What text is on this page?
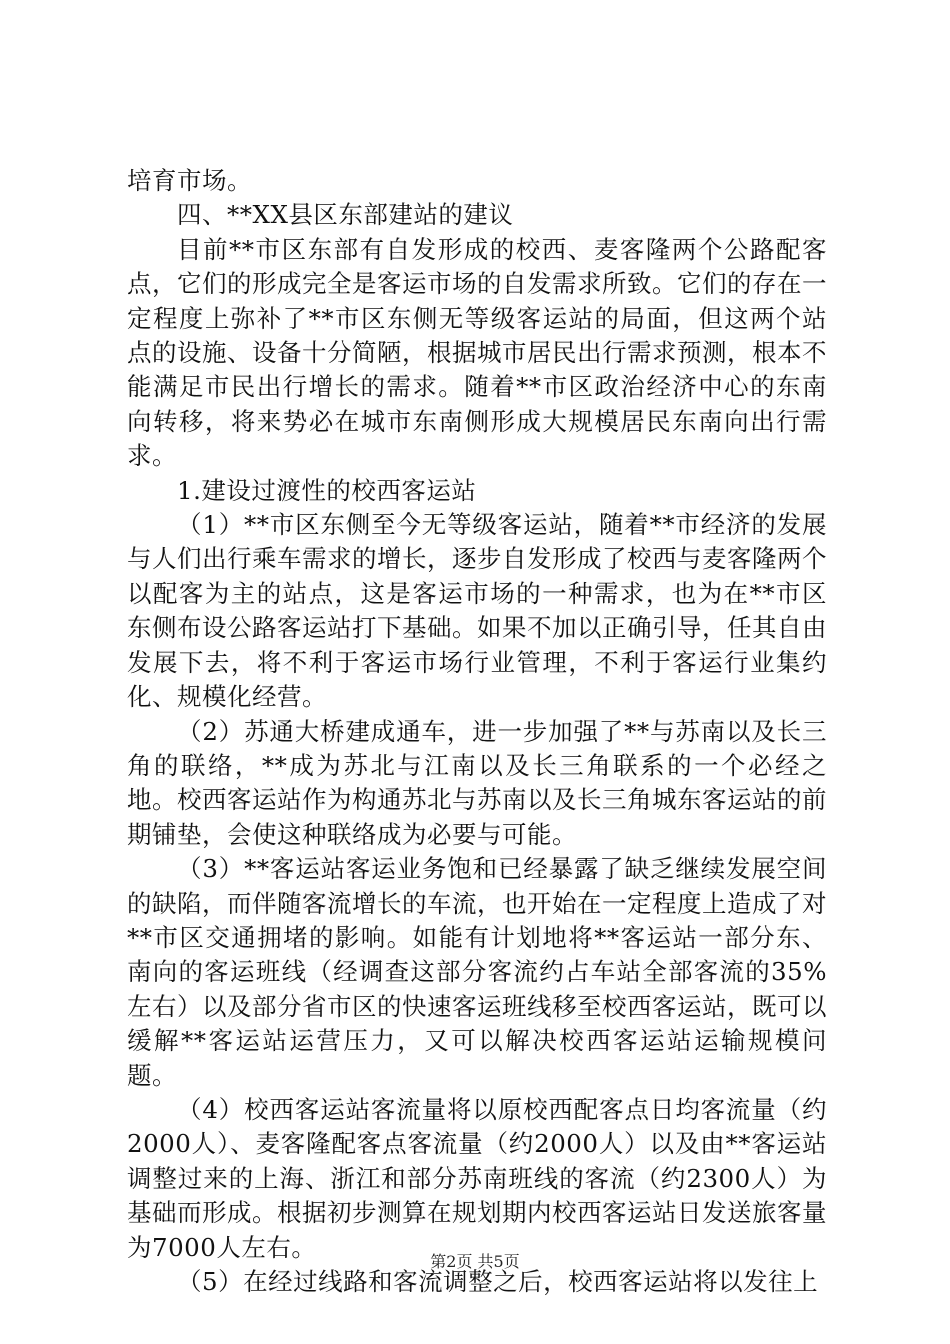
培育市场。

四、**XX县区东部建站的建议

目前**市区东部有自发形成的校西、麦客隆两个公路配客点，它们的形成完全是客运市场的自发需求所致。它们的存在一定程度上弥补了**市区东侧无等级客运站的局面，但这两个站点的设施、设备十分简陋，根据城市居民出行需求预测，根本不能满足市民出行增长的需求。随着**市区政治经济中心的东南向转移，将来势必在城市东南侧形成大规模居民东南向出行需求。

1.建设过渡性的校西客运站

（1）**市区东侧至今无等级客运站，随着**市经济的发展与人们出行乘车需求的增长，逐步自发形成了校西与麦客隆两个以配客为主的站点，这是客运市场的一种需求，也为在**市区东侧布设公路客运站打下基础。如果不加以正确引导，任其自由发展下去，将不利于客运市场行业管理，不利于客运行业集约化、规模化经营。

（2）苏通大桥建成通车，进一步加强了**与苏南以及长三角的联络，**成为苏北与江南以及长三角联系的一个必经之地。校西客运站作为构通苏北与苏南以及长三角城东客运站的前期铺垫，会使这种联络成为必要与可能。

（3）**客运站客运业务饱和已经暴露了缺乏继续发展空间的缺陷，而伴随客流增长的车流，也开始在一定程度上造成了对**市区交通拥堵的影响。如能有计划地将**客运站一部分东、南向的客运班线（经调查这部分客流约占车站全部客流的35%左右）以及部分省市区的快速客运班线移至校西客运站，既可以缓解**客运站运营压力，又可以解决校西客运站运输规模问题。

（4）校西客运站客流量将以原校西配客点日均客流量（约2000人）、麦客隆配客点客流量（约2000人）以及由**客运站调整过来的上海、浙江和部分苏南班线的客流（约2300人）为基础而形成。根据初步测算在规划期内校西客运站日发送旅客量为7000人左右。

（5）在经过线路和客流调整之后，校西客运站将以发往上

第2页 共5页
